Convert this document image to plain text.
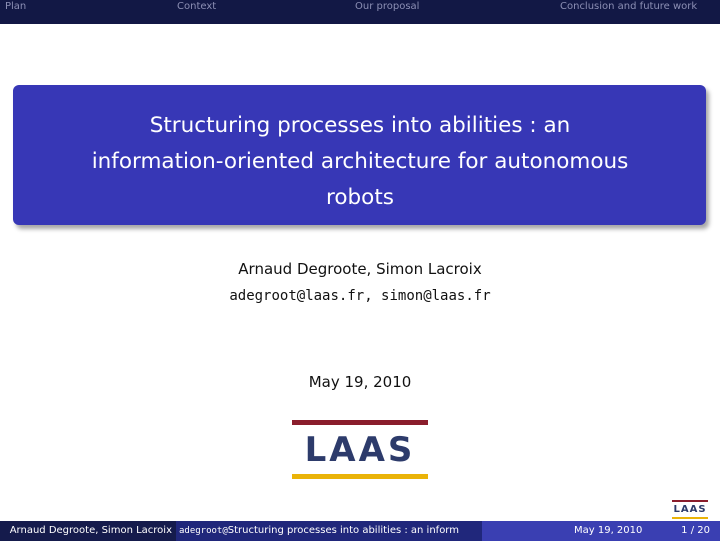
Plan	Context	Our proposal	Conclusion and future work
Structuring processes into abilities : an
information-oriented architecture for autonomous
robots
Arnaud Degroote, Simon Lacroix
adegroot@laas.fr, simon@laas.fr
May 19, 2010
LAAS
LAAS
Arnaud Degroote, Simon Lacroix adegroot@Structuring processes into abilities : an inform	May 19, 2010	1 / 20
